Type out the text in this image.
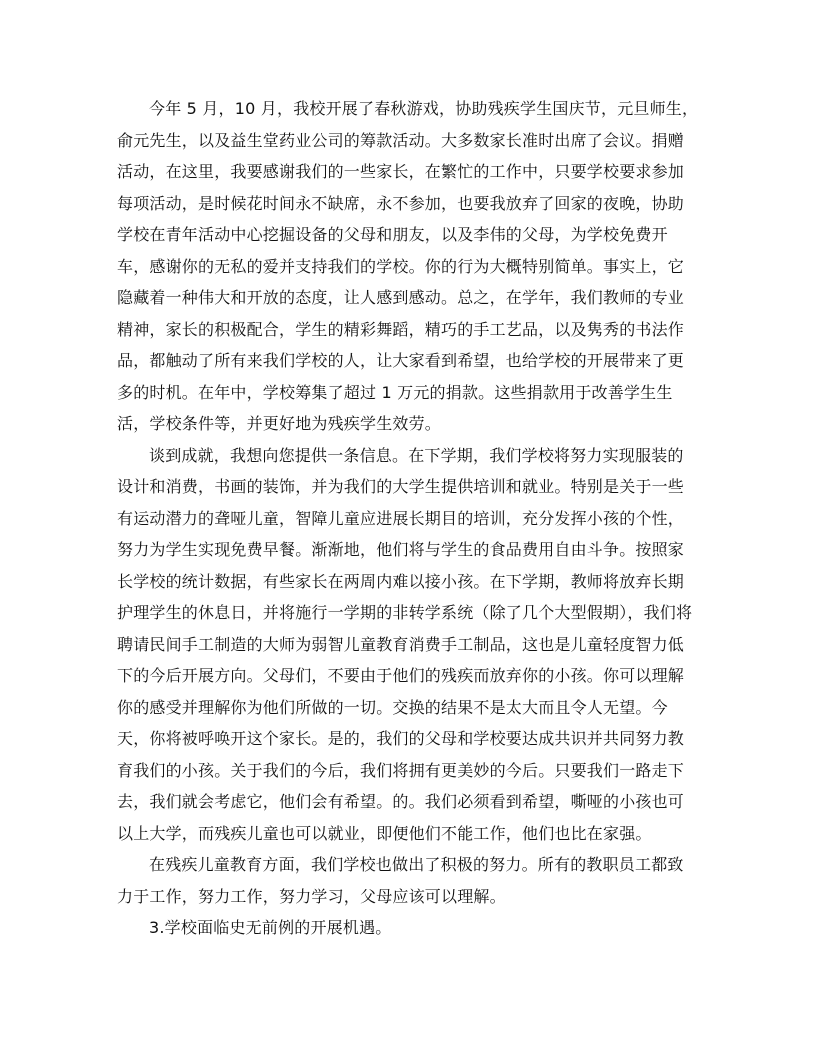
今年 5 月，10 月，我校开展了春秋游戏，协助残疾学生国庆节，元旦师生，俞元先生，以及益生堂药业公司的筹款活动。大多数家长准时出席了会议。捐赠活动，在这里，我要感谢我们的一些家长，在繁忙的工作中，只要学校要求参加每项活动，是时候花时间永不缺席，永不参加，也要我放弃了回家的夜晚，协助学校在青年活动中心挖掘设备的父母和朋友，以及李伟的父母，为学校免费开车，感谢你的无私的爱并支持我们的学校。你的行为大概特别简单。事实上，它隐藏着一种伟大和开放的态度，让人感到感动。总之，在学年，我们教师的专业精神，家长的积极配合，学生的精彩舞蹈，精巧的手工艺品，以及隽秀的书法作品，都触动了所有来我们学校的人，让大家看到希望，也给学校的开展带来了更多的时机。在年中，学校筹集了超过 1 万元的捐款。这些捐款用于改善学生生活，学校条件等，并更好地为残疾学生效劳。

谈到成就，我想向您提供一条信息。在下学期，我们学校将努力实现服装的设计和消费，书画的装饰，并为我们的大学生提供培训和就业。特别是关于一些有运动潜力的聋哑儿童，智障儿童应进展长期目的培训，充分发挥小孩的个性，努力为学生实现免费早餐。渐渐地，他们将与学生的食品费用自由斗争。按照家长学校的统计数据，有些家长在两周内难以接小孩。在下学期，教师将放弃长期护理学生的休息日，并将施行一学期的非转学系统（除了几个大型假期），我们将聘请民间手工制造的大师为弱智儿童教育消费手工制品，这也是儿童轻度智力低下的今后开展方向。父母们，不要由于他们的残疾而放弃你的小孩。你可以理解你的感受并理解你为他们所做的一切。交换的结果不是太大而且令人无望。今天，你将被呼唤开这个家长。是的，我们的父母和学校要达成共识并共同努力教育我们的小孩。关于我们的今后，我们将拥有更美妙的今后。只要我们一路走下去，我们就会考虑它，他们会有希望。的。我们必须看到希望，嘶哑的小孩也可以上大学，而残疾儿童也可以就业，即便他们不能工作，他们也比在家强。

在残疾儿童教育方面，我们学校也做出了积极的努力。所有的教职员工都致力于工作，努力工作，努力学习，父母应该可以理解。

3.学校面临史无前例的开展机遇。
